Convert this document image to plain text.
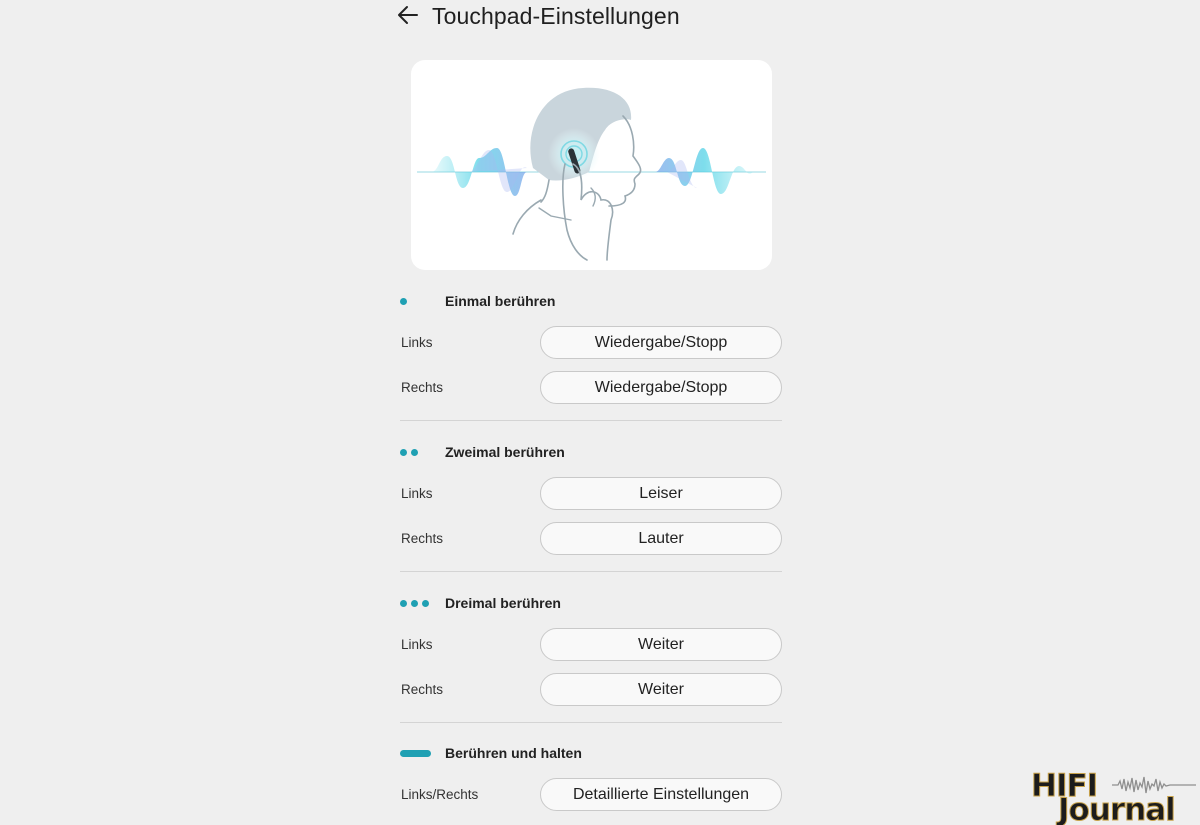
Touchpad-Einstellungen
Einmal berühren
Links	Wiedergabe/Stopp
Rechts	Wiedergabe/Stopp
Zweimal berühren
Links	Leiser
Rechts	Lauter
Dreimal berühren
Links	Weiter
Rechts	Weiter
Berühren und halten
Links/Rechts	Detaillierte Einstellungen	HIFI
Journal
